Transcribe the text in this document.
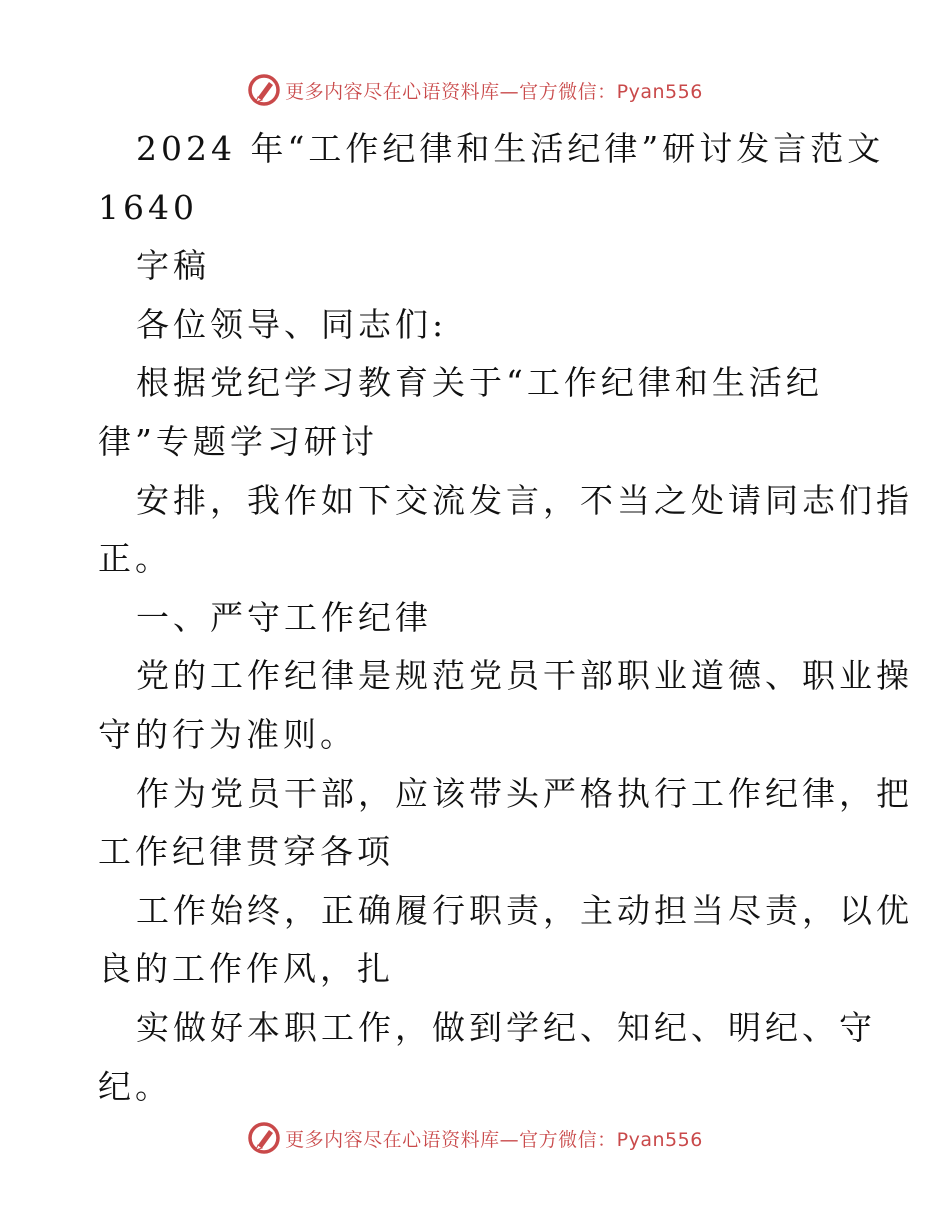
更多内容尽在心语资料库—官方微信：Pyan556
2024 年“工作纪律和生活纪律”研讨发言范文
1640
字稿
各位领导、同志们:
根据党纪学习教育关于“工作纪律和生活纪
律”专题学习研讨
安排，我作如下交流发言，不当之处请同志们指
正。
一、严守工作纪律
党的工作纪律是规范党员干部职业道德、职业操
守的行为准则。
作为党员干部，应该带头严格执行工作纪律，把
工作纪律贯穿各项
工作始终，正确履行职责，主动担当尽责，以优
良的工作作风，扎
实做好本职工作，做到学纪、知纪、明纪、守
纪。
更多内容尽在心语资料库—官方微信：Pyan556
